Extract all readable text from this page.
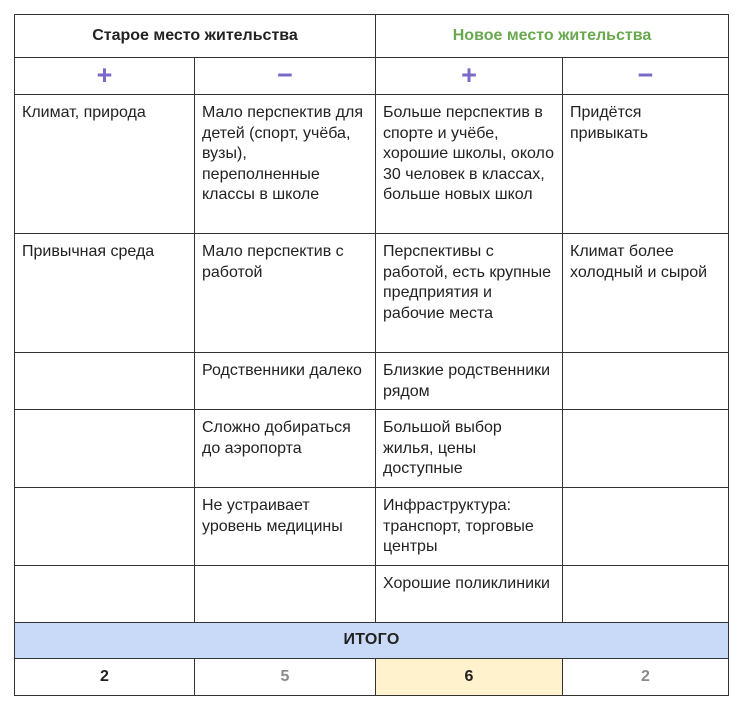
Старое место жительства		Новое место жительства	
+	−	+	−
Климат, природа	Мало перспектив для детей (спорт, учёба, вузы), переполненные классы в школе	Больше перспектив в спорте и учёбе, хорошие школы, около 30 человек в классах, больше новых школ	Придётся привыкать
Привычная среда	Мало перспектив с работой	Перспективы с работой, есть крупные предприятия и рабочие места	Климат более холодный и сырой
	Родственники далеко	Близкие родственники рядом	
	Сложно добираться до аэропорта	Большой выбор жилья, цены доступные	
	Не устраивает уровень медицины	Инфраструктура: транспорт, торговые центры	
		Хорошие поликлиники	
ИТОГО			
2	5	6	2
